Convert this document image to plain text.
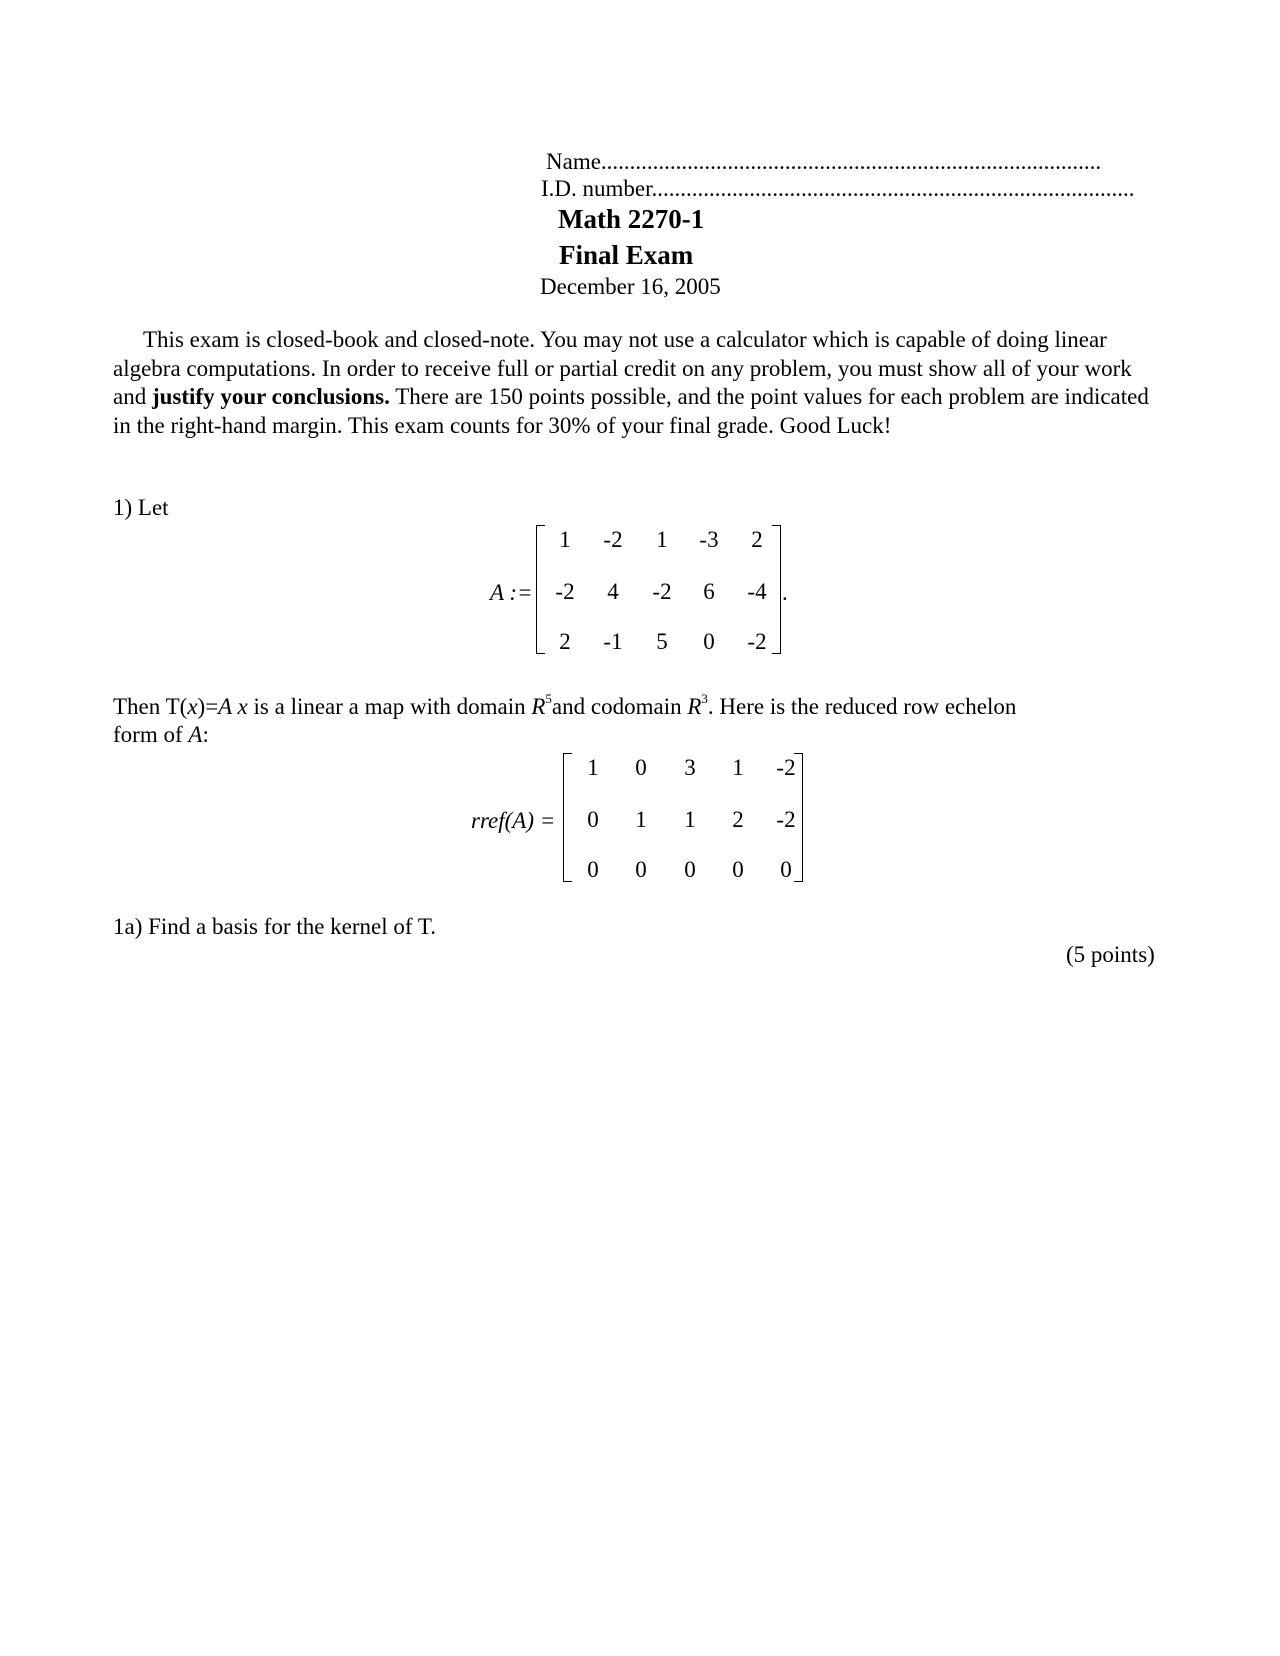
Name.......................................................................................
I.D. number....................................................................................
Math 2270-1
Final Exam
December 16, 2005
This exam is closed-book and closed-note. You may not use a calculator which is capable of doing linear algebra computations. In order to receive full or partial credit on any problem, you must show all of your work and justify your conclusions. There are 150 points possible, and the point values for each problem are indicated in the right-hand margin. This exam counts for 30% of your final grade. Good Luck!
1) Let
A :=
1	-2	1	-3	2
-2	4	-2	6	-4
2	-1	5	0	-2
.
Then T(x)=A x is a linear a map with domain $R^5and$ codomain $R^3$. Here is the reduced row echelon
form of A:
rref(A) =
1	0	3	1	-2
0	1	1	2	-2
0	0	0	0	0
1a) Find a basis for the kernel of T.
(5 points)
